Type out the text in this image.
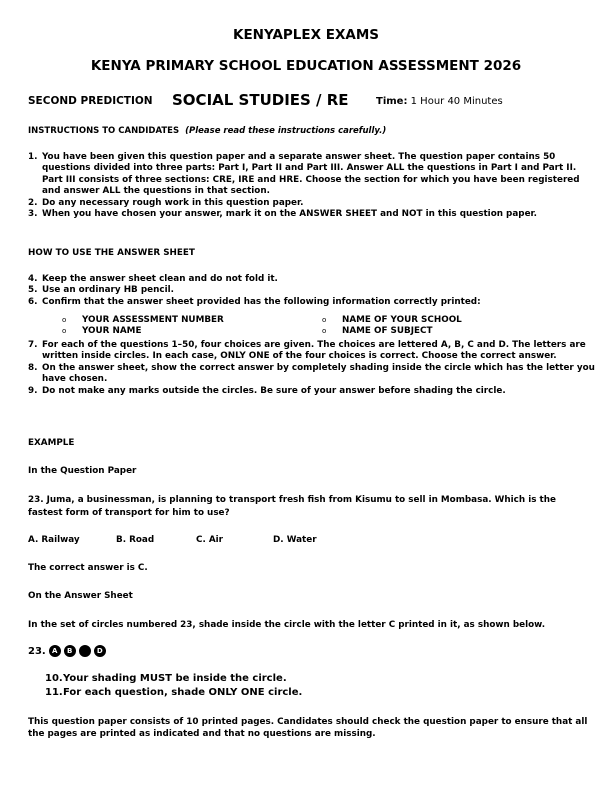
KENYAPLEX EXAMS
KENYA PRIMARY SCHOOL EDUCATION ASSESSMENT 2026
SECOND PREDICTION SOCIAL STUDIES / RE	Time: 1 Hour 40 Minutes
INSTRUCTIONS TO CANDIDATES (Please read these instructions carefully.)
1. You have been given this question paper and a separate answer sheet. The question paper contains 50 questions divided into three parts: Part I, Part II and Part III. Answer ALL the questions in Part I and Part II. Part III consists of three sections: CRE, IRE and HRE. Choose the section for which you have been registered and answer ALL the questions in that section.
2. Do any necessary rough work in this question paper.
3. When you have chosen your answer, mark it on the ANSWER SHEET and NOT in this question paper.
HOW TO USE THE ANSWER SHEET
4. Keep the answer sheet clean and do not fold it.
5. Use an ordinary HB pencil.
6. Confirm that the answer sheet provided has the following information correctly printed:
o	YOUR ASSESSMENT NUMBER	o	NAME OF YOUR SCHOOL
o	YOUR NAME	o	NAME OF SUBJECT
7. For each of the questions 1–50, four choices are given. The choices are lettered A, B, C and D. The letters are written inside circles. In each case, ONLY ONE of the four choices is correct. Choose the correct answer.
8. On the answer sheet, show the correct answer by completely shading inside the circle which has the letter you have chosen.
9. Do not make any marks outside the circles. Be sure of your answer before shading the circle.
EXAMPLE
In the Question Paper
23. Juma, a businessman, is planning to transport fresh fish from Kisumu to sell in Mombasa. Which is the fastest form of transport for him to use?
A. Railway	B. Road	C. Air	D. Water
The correct answer is C.
On the Answer Sheet
In the set of circles numbered 23, shade inside the circle with the letter C printed in it, as shown below.
23. A	B	C	D
10. Your shading MUST be inside the circle.
11. For each question, shade ONLY ONE circle.
This question paper consists of 10 printed pages. Candidates should check the question paper to ensure that all the pages are printed as indicated and that no questions are missing.
